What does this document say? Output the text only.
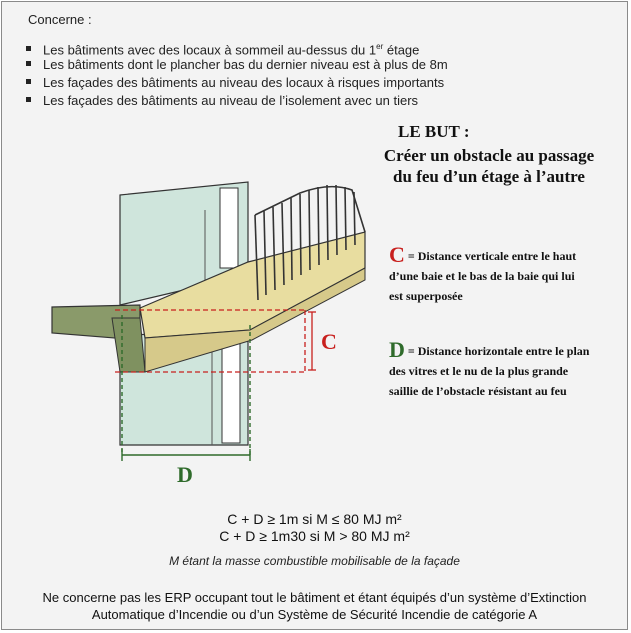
Concerne :
Les bâtiments avec des locaux à sommeil au-dessus du 1er étage
Les bâtiments dont le plancher bas du dernier niveau est à plus de 8m
Les façades des bâtiments au niveau des locaux à risques importants
Les façades des bâtiments au niveau de l’isolement avec un tiers
C
D
LE BUT :
Créer un obstacle au passage du feu d’un étage à l’autre
C = Distance verticale entre le haut d’une baie et le bas de la baie qui lui est superposée
D = Distance horizontale entre le plan des vitres et le nu de la plus grande saillie de l’obstacle résistant au feu
C + D ≥ 1m si M ≤ 80 MJ m²
C + D ≥ 1m30 si M > 80 MJ m²
M étant la masse combustible mobilisable de la façade
Ne concerne pas les ERP occupant tout le bâtiment et étant équipés d’un système d’Extinction
Automatique d’Incendie ou d’un Système de Sécurité Incendie de catégorie A
